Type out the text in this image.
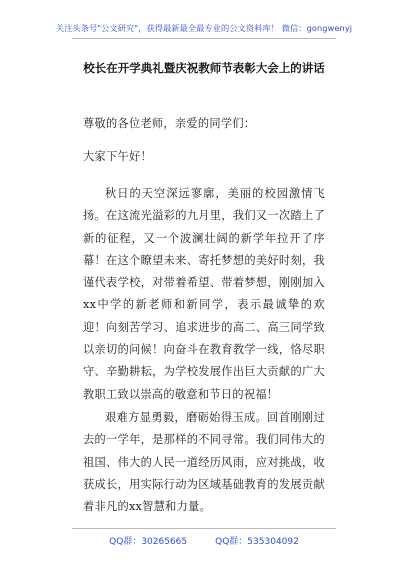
关注头条号"公文研究"，获得最新最全最专业的公文资料库！ 微信：gongwenyj
校长在开学典礼暨庆祝教师节表彰大会上的讲话
尊敬的各位老师，亲爱的同学们：
大家下午好！
秋日的天空深远寥廓，美丽的校园激情飞扬。在这流光溢彩的九月里，我们又一次踏上了新的征程，又一个波澜壮阔的新学年拉开了序幕！在这个瞭望未来、寄托梦想的美好时刻，我谨代表学校，对带着希望、带着梦想，刚刚加入xx中学的新老师和新同学，表示最诚挚的欢迎！向刻苦学习、追求进步的高二、高三同学致以亲切的问候！向奋斗在教育教学一线，恪尽职守、辛勤耕耘，为学校发展作出巨大贡献的广大教职工致以崇高的敬意和节日的祝福！
艰难方显勇毅，磨砺始得玉成。回首刚刚过去的一学年，是那样的不同寻常。我们同伟大的祖国、伟大的人民一道经历风雨，应对挑战，收获成长，用实际行动为区域基础教育的发展贡献着非凡的xx智慧和力量。
QQ群：30265665	QQ群：535304092
